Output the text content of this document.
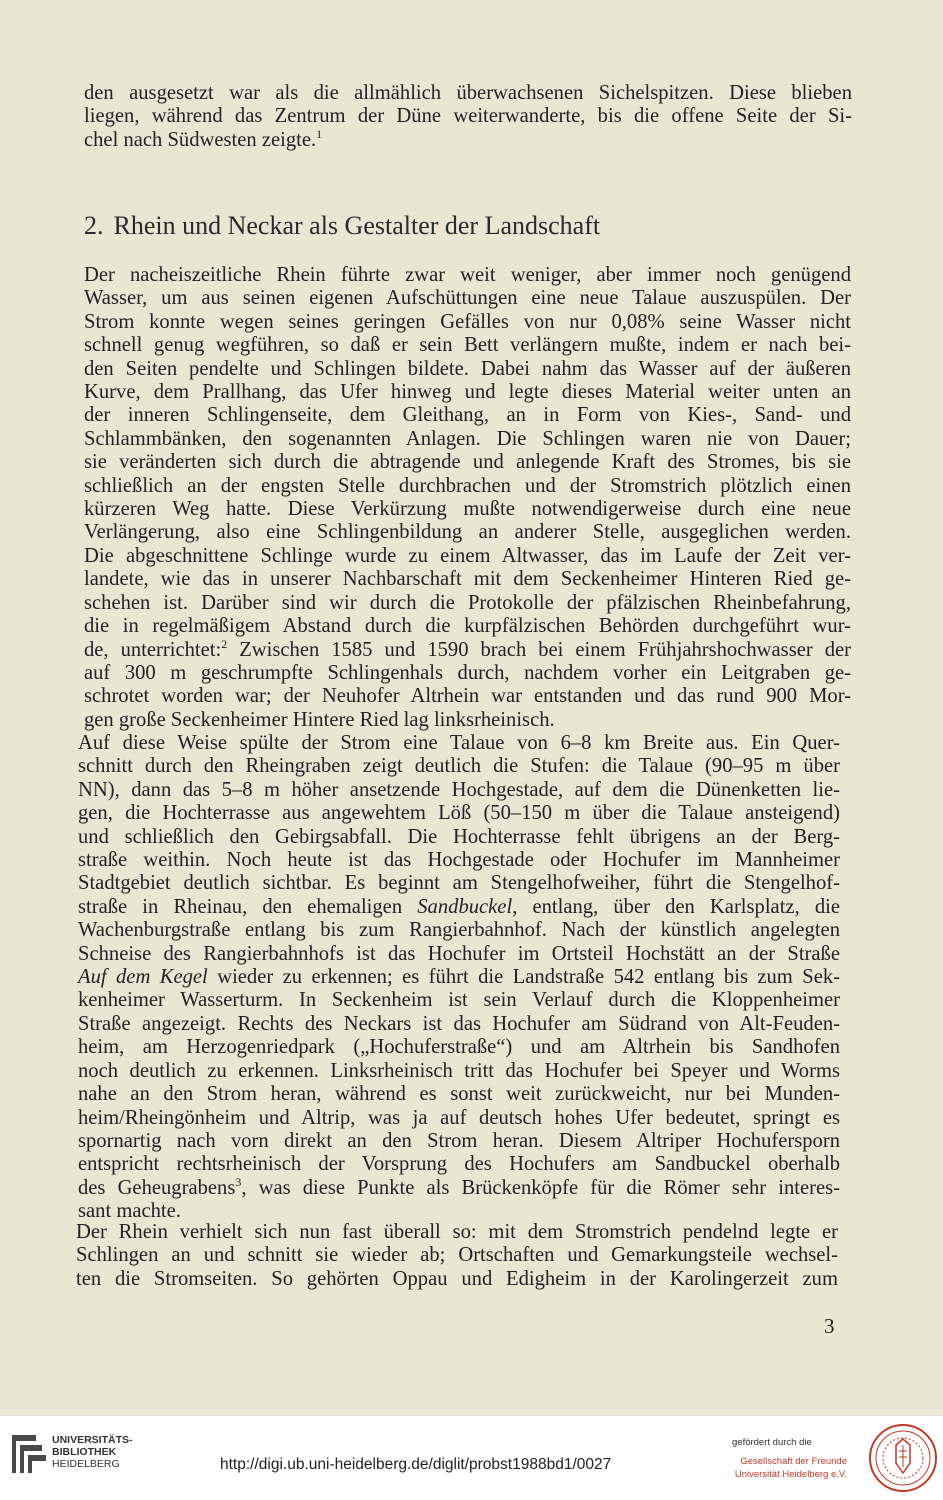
den ausgesetzt war als die allmählich überwachsenen Sichelspitzen. Diese blieben
liegen, während das Zentrum der Düne weiterwanderte, bis die offene Seite der Si-
chel nach Südwesten zeigte.$^1$
2. Rhein und Neckar als Gestalter der Landschaft
Der nacheiszeitliche Rhein führte zwar weit weniger, aber immer noch genügend
Wasser, um aus seinen eigenen Aufschüttungen eine neue Talaue auszuspülen. Der
Strom konnte wegen seines geringen Gefälles von nur 0,08% seine Wasser nicht
schnell genug wegführen, so daß er sein Bett verlängern mußte, indem er nach bei-
den Seiten pendelte und Schlingen bildete. Dabei nahm das Wasser auf der äußeren
Kurve, dem Prallhang, das Ufer hinweg und legte dieses Material weiter unten an
der inneren Schlingenseite, dem Gleithang, an in Form von Kies-, Sand- und
Schlammbänken, den sogenannten Anlagen. Die Schlingen waren nie von Dauer;
sie veränderten sich durch die abtragende und anlegende Kraft des Stromes, bis sie
schließlich an der engsten Stelle durchbrachen und der Stromstrich plötzlich einen
kürzeren Weg hatte. Diese Verkürzung mußte notwendigerweise durch eine neue
Verlängerung, also eine Schlingenbildung an anderer Stelle, ausgeglichen werden.
Die abgeschnittene Schlinge wurde zu einem Altwasser, das im Laufe der Zeit ver-
landete, wie das in unserer Nachbarschaft mit dem Seckenheimer Hinteren Ried ge-
schehen ist. Darüber sind wir durch die Protokolle der pfälzischen Rheinbefahrung,
die in regelmäßigem Abstand durch die kurpfälzischen Behörden durchgeführt wur-
de, unterrichtet:$^2$ Zwischen 1585 und 1590 brach bei einem Frühjahrshochwasser der
auf 300 m geschrumpfte Schlingenhals durch, nachdem vorher ein Leitgraben ge-
schrotet worden war; der Neuhofer Altrhein war entstanden und das rund 900 Mor-
gen große Seckenheimer Hintere Ried lag linksrheinisch.
Auf diese Weise spülte der Strom eine Talaue von 6–8 km Breite aus. Ein Quer-
schnitt durch den Rheingraben zeigt deutlich die Stufen: die Talaue (90–95 m über
NN), dann das 5–8 m höher ansetzende Hochgestade, auf dem die Dünenketten lie-
gen, die Hochterrasse aus angewehtem Löß (50–150 m über die Talaue ansteigend)
und schließlich den Gebirgsabfall. Die Hochterrasse fehlt übrigens an der Berg-
straße weithin. Noch heute ist das Hochgestade oder Hochufer im Mannheimer
Stadtgebiet deutlich sichtbar. Es beginnt am Stengelhofweiher, führt die Stengelhof-
straße in Rheinau, den ehemaligen Sandbuckel, entlang, über den Karlsplatz, die
Wachenburgstraße entlang bis zum Rangierbahnhof. Nach der künstlich angelegten
Schneise des Rangierbahnhofs ist das Hochufer im Ortsteil Hochstätt an der Straße
Auf dem Kegel wieder zu erkennen; es führt die Landstraße 542 entlang bis zum Sek-
kenheimer Wasserturm. In Seckenheim ist sein Verlauf durch die Kloppenheimer
Straße angezeigt. Rechts des Neckars ist das Hochufer am Südrand von Alt-Feuden-
heim, am Herzogenriedpark („Hochuferstraße“) und am Altrhein bis Sandhofen
noch deutlich zu erkennen. Linksrheinisch tritt das Hochufer bei Speyer und Worms
nahe an den Strom heran, während es sonst weit zurückweicht, nur bei Munden-
heim/Rheingönheim und Altrip, was ja auf deutsch hohes Ufer bedeutet, springt es
spornartig nach vorn direkt an den Strom heran. Diesem Altriper Hochufersporn
entspricht rechtsrheinisch der Vorsprung des Hochufers am Sandbuckel oberhalb
des Geheugrabens$^3$, was diese Punkte als Brückenköpfe für die Römer sehr interes-
sant machte.
Der Rhein verhielt sich nun fast überall so: mit dem Stromstrich pendelnd legte er
Schlingen an und schnitt sie wieder ab; Ortschaften und Gemarkungsteile wechsel-
ten die Stromseiten. So gehörten Oppau und Edigheim in der Karolingerzeit zum
3
UNIVERSITÄTS-
BIBLIOTHEK
HEIDELBERG	http://digi.ub.uni-heidelberg.de/diglit/probst1988bd1/0027
gefördert durch die
Gesellschaft der Freunde
Universität Heidelberg e.V.
